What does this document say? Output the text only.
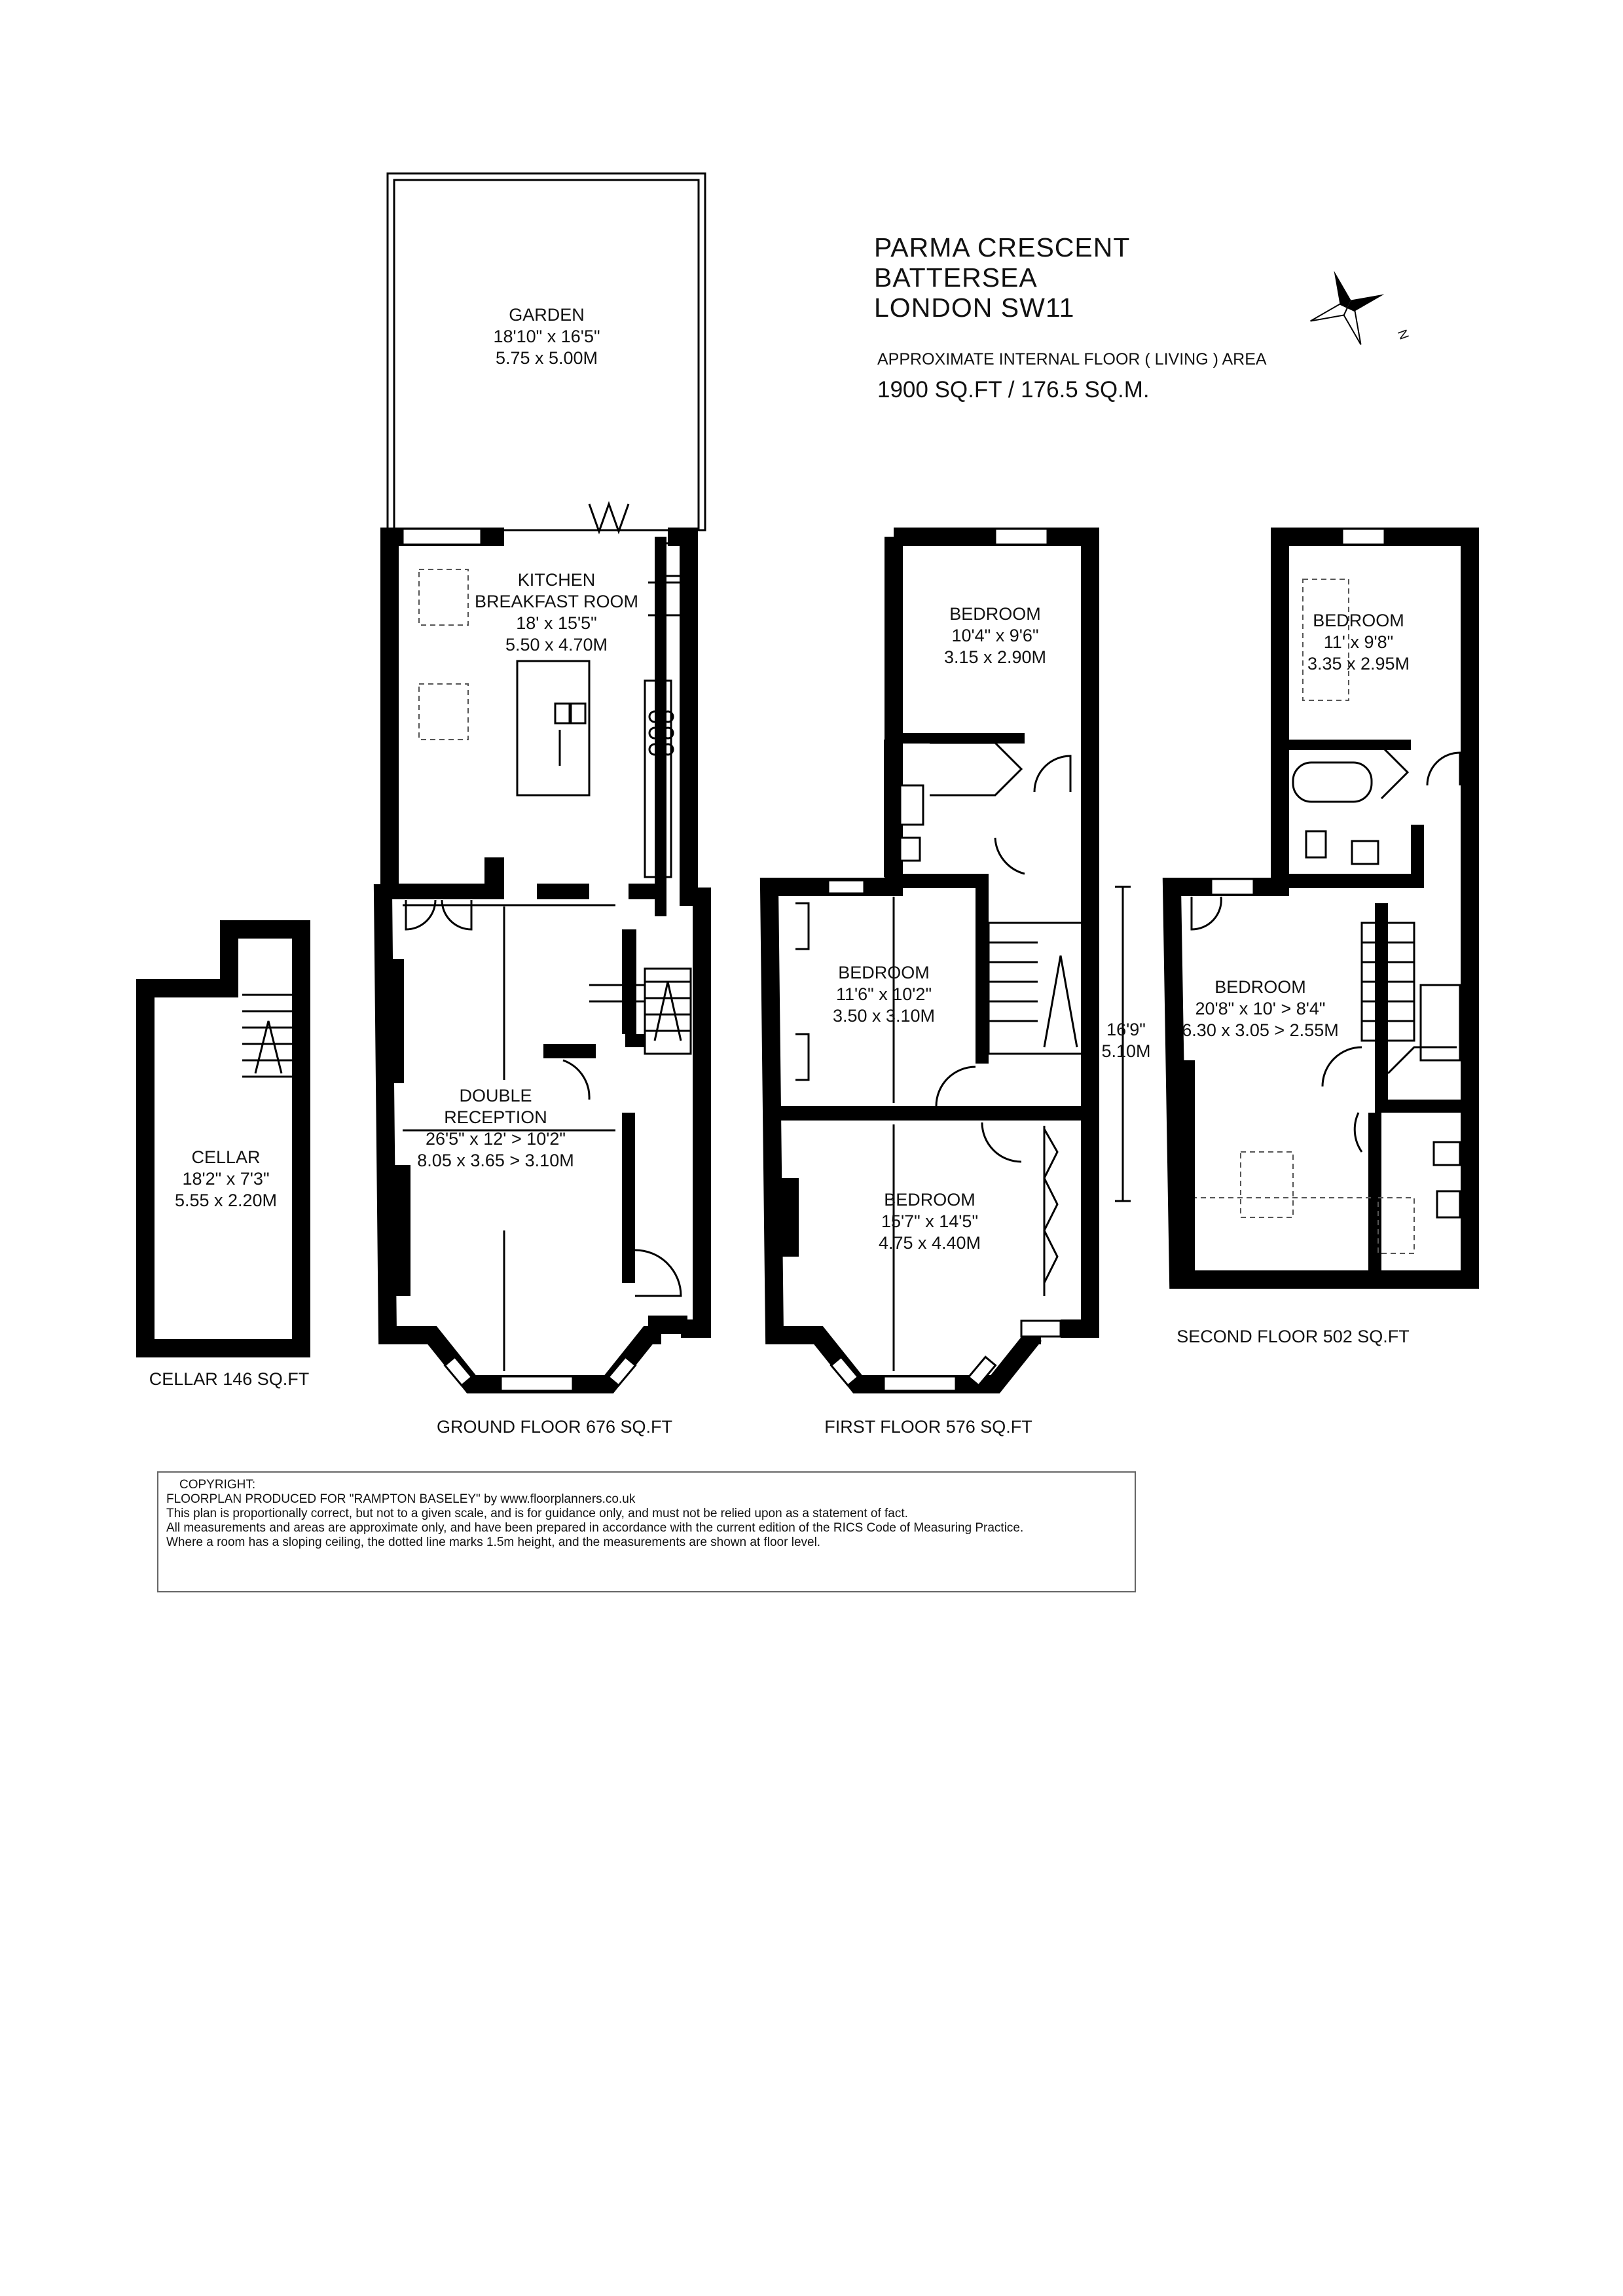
PARMA CRESCENT
BATTERSEA
LONDON SW11
APPROXIMATE INTERNAL FLOOR ( LIVING ) AREA
1900 SQ.FT / 176.5 SQ.M.
N
GARDEN
18'10" x 16'5"
5.75 x 5.00M
KITCHEN
BREAKFAST ROOM
18' x 15'5"
5.50 x 4.70M
DOUBLE
RECEPTION
26'5" x 12' > 10'2"
8.05 x 3.65 > 3.10M
CELLAR
18'2" x 7'3"
5.55 x 2.20M
BEDROOM
10'4" x 9'6"
3.15 x 2.90M
BEDROOM
11'6" x 10'2"
3.50 x 3.10M
BEDROOM
15'7" x 14'5"
4.75 x 4.40M
BEDROOM
11' x 9'8"
3.35 x 2.95M
BEDROOM
20'8" x 10' > 8'4"
6.30 x 3.05 > 2.55M
16'9"
5.10M
CELLAR 146 SQ.FT
GROUND FLOOR 676 SQ.FT	FIRST FLOOR 576 SQ.FT
SECOND FLOOR 502 SQ.FT
COPYRIGHT:
FLOORPLAN PRODUCED FOR "RAMPTON BASELEY" by www.floorplanners.co.uk
This plan is proportionally correct, but not to a given scale, and is for guidance only, and must not be relied upon as a statement of fact.
All measurements and areas are approximate only, and have been prepared in accordance with the current edition of the RICS Code of Measuring Practice.
Where a room has a sloping ceiling, the dotted line marks 1.5m height, and the measurements are shown at floor level.
